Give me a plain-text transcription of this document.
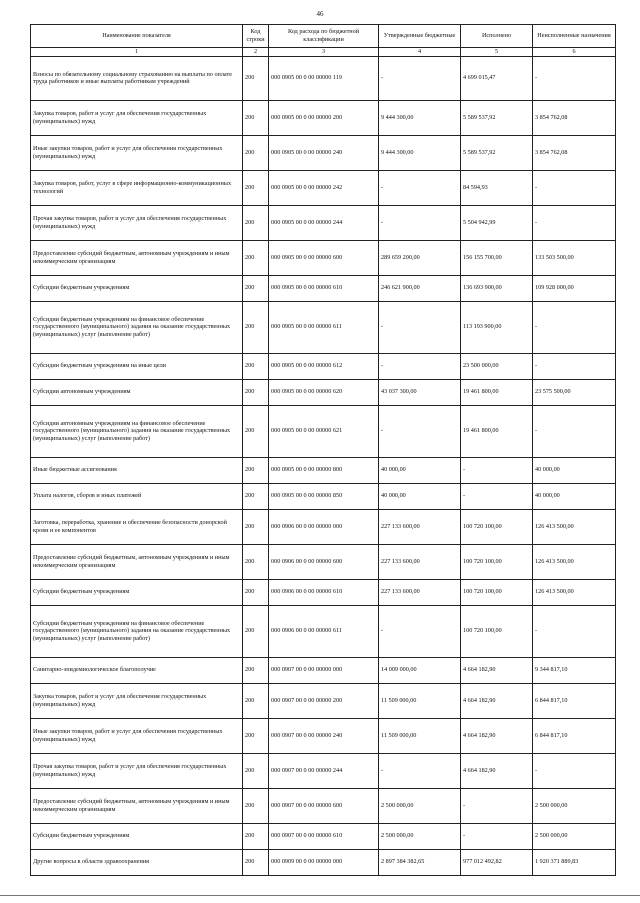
46
Наименование показателя	Код строки	Код расхода по бюджетной классификации	Утвержденные бюджетные	Исполнено	Неисполненные назначения
1	2	3	4	5	6
Взносы по обязательному социальному страхованию на выплаты по оплате труда работников и иные выплаты работникам учреждений	200	000 0905 00 0 00 00000 119	-	4 699 015,47	-
Закупка товаров, работ и услуг для обеспечения государственных (муниципальных) нужд	200	000 0905 00 0 00 00000 200	9 444 300,00	5 589 537,92	3 854 762,08
Иные закупки товаров, работ и услуг для обеспечения государственных (муниципальных) нужд	200	000 0905 00 0 00 00000 240	9 444 300,00	5 589 537,92	3 854 762,08
Закупка товаров, работ, услуг в сфере информационно-коммуникационных технологий	200	000 0905 00 0 00 00000 242	-	84 594,93	-
Прочая закупка товаров, работ и услуг для обеспечения государственных (муниципальных) нужд	200	000 0905 00 0 00 00000 244	-	5 504 942,99	-
Предоставление субсидий бюджетным, автономным учреждениям и иным некоммерческим организациям	200	000 0905 00 0 00 00000 600	289 659 200,00	156 155 700,00	133 503 500,00
Субсидии бюджетным учреждениям	200	000 0905 00 0 00 00000 610	246 621 900,00	136 693 900,00	109 928 000,00
Субсидии бюджетным учреждениям на финансовое обеспечение государственного (муниципального) задания на оказание государственных (муниципальных) услуг (выполнение работ)	200	000 0905 00 0 00 00000 611	-	113 193 900,00	-
Субсидии бюджетным учреждениям на иные цели	200	000 0905 00 0 00 00000 612	-	23 500 000,00	-
Субсидии автономным учреждениям	200	000 0905 00 0 00 00000 620	43 037 300,00	19 461 800,00	23 575 500,00
Субсидии автономным учреждениям на финансовое обеспечение государственного (муниципального) задания на оказание государственных (муниципальных) услуг (выполнение работ)	200	000 0905 00 0 00 00000 621	-	19 461 800,00	-
Иные бюджетные ассигнования	200	000 0905 00 0 00 00000 800	40 000,00	-	40 000,00
Уплата налогов, сборов и иных платежей	200	000 0905 00 0 00 00000 850	40 000,00	-	40 000,00
Заготовка, переработка, хранение и обеспечение безопасности донорской крови и ее компонентов	200	000 0906 00 0 00 00000 000	227 133 600,00	100 720 100,00	126 413 500,00
Предоставление субсидий бюджетным, автономным учреждениям и иным некоммерческим организациям	200	000 0906 00 0 00 00000 600	227 133 600,00	100 720 100,00	126 413 500,00
Субсидии бюджетным учреждениям	200	000 0906 00 0 00 00000 610	227 133 600,00	100 720 100,00	126 413 500,00
Субсидии бюджетным учреждениям на финансовое обеспечение государственного (муниципального) задания на оказание государственных (муниципальных) услуг (выполнение работ)	200	000 0906 00 0 00 00000 611	-	100 720 100,00	-
Санитарно-эпидемиологическое благополучие	200	000 0907 00 0 00 00000 000	14 009 000,00	4 664 182,90	9 344 817,10
Закупка товаров, работ и услуг для обеспечения государственных (муниципальных) нужд	200	000 0907 00 0 00 00000 200	11 509 000,00	4 664 182,90	6 844 817,10
Иные закупки товаров, работ и услуг для обеспечения государственных (муниципальных) нужд	200	000 0907 00 0 00 00000 240	11 509 000,00	4 664 182,90	6 844 817,10
Прочая закупка товаров, работ и услуг для обеспечения государственных (муниципальных) нужд	200	000 0907 00 0 00 00000 244	-	4 664 182,90	-
Предоставление субсидий бюджетным, автономным учреждениям и иным некоммерческим организациям	200	000 0907 00 0 00 00000 600	2 500 000,00	-	2 500 000,00
Субсидии бюджетным учреждениям	200	000 0907 00 0 00 00000 610	2 500 000,00	-	2 500 000,00
Другие вопросы в области здравоохранения	200	000 0909 00 0 00 00000 000	2 897 384 382,65	977 012 492,82	1 920 371 889,83
